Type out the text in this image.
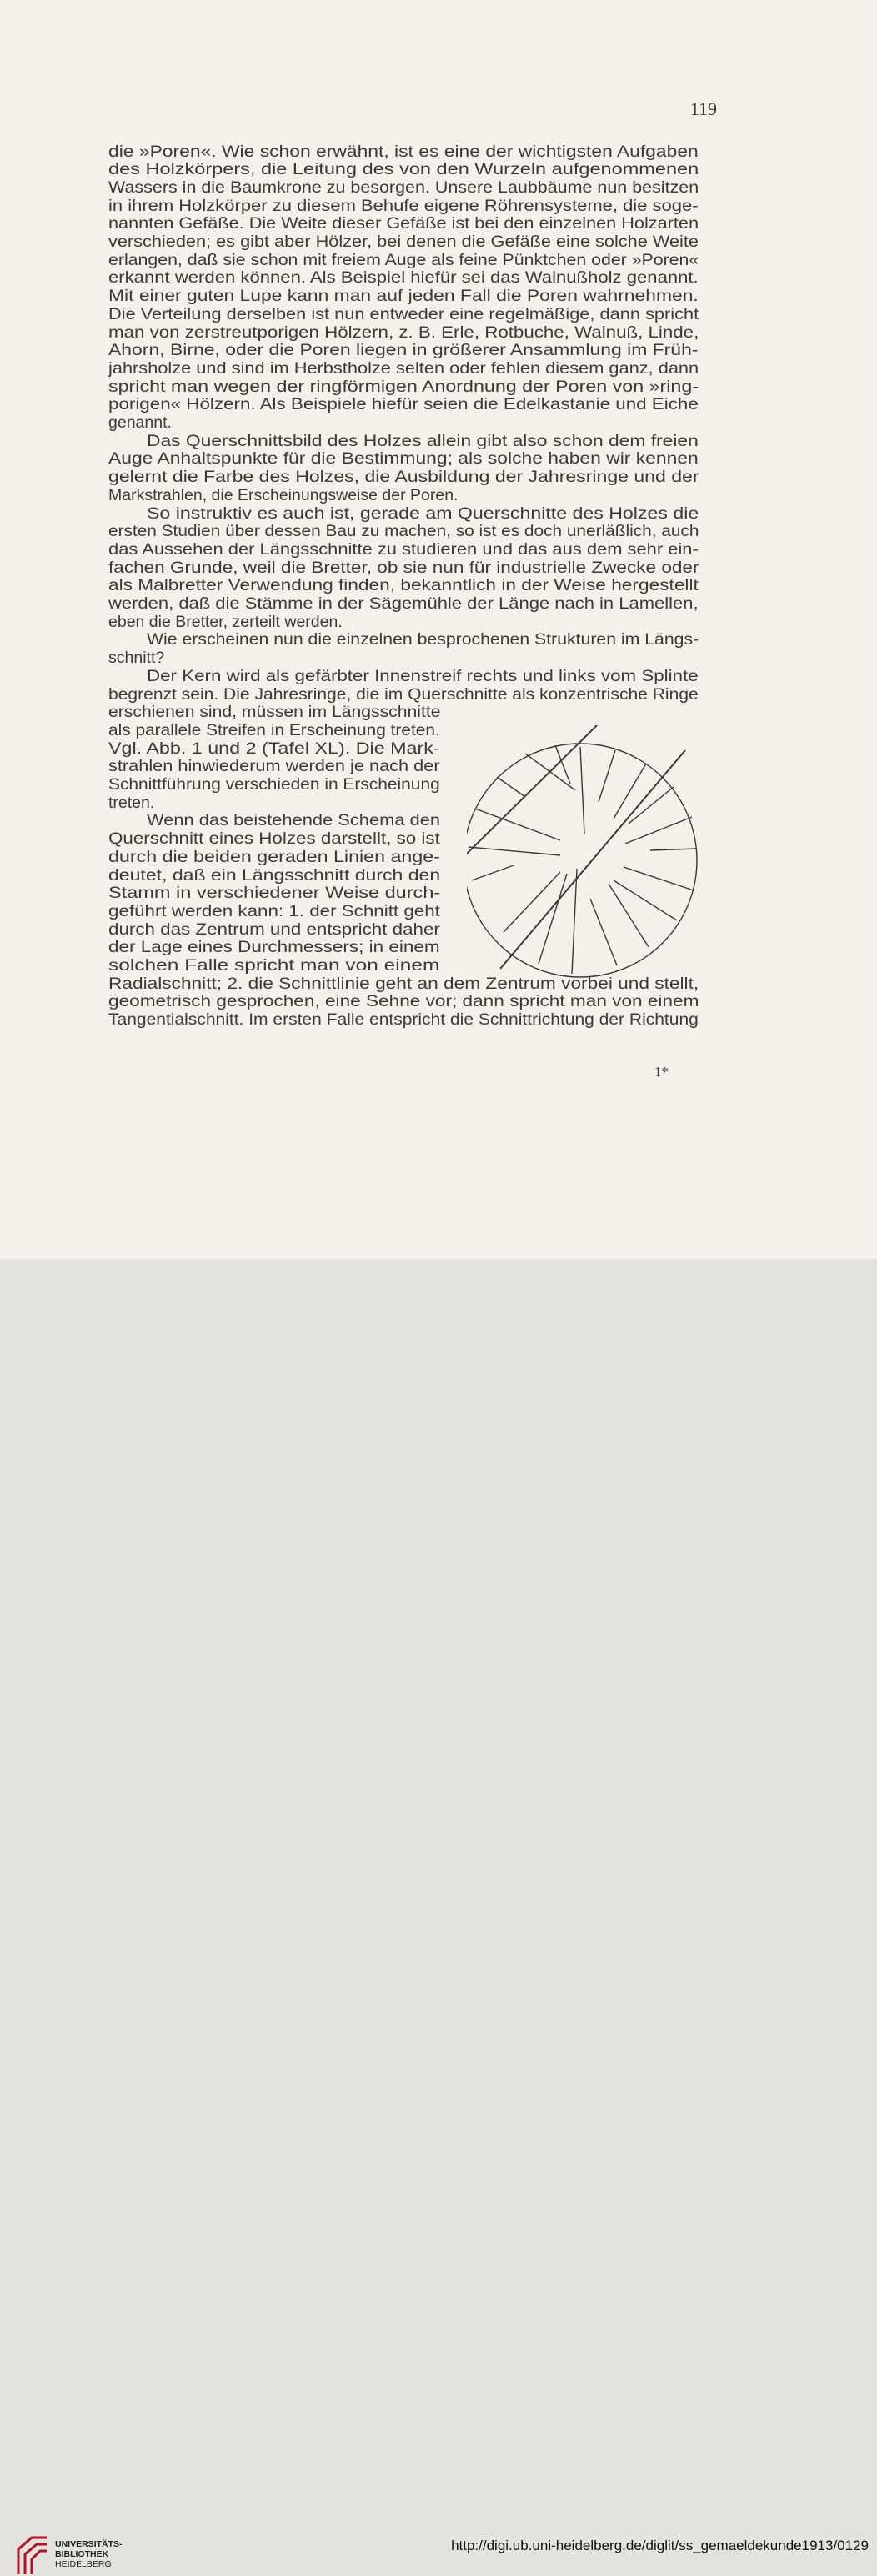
119
die »Poren«. Wie schon erwähnt, ist es eine der wichtigsten Aufgaben
des Holzkörpers, die Leitung des von den Wurzeln aufgenommenen
Wassers in die Baumkrone zu besorgen. Unsere Laubbäume nun besitzen
in ihrem Holzkörper zu diesem Behufe eigene Röhrensysteme, die soge-
nannten Gefäße. Die Weite dieser Gefäße ist bei den einzelnen Holzarten
verschieden; es gibt aber Hölzer, bei denen die Gefäße eine solche Weite
erlangen, daß sie schon mit freiem Auge als feine Pünktchen oder »Poren«
erkannt werden können. Als Beispiel hiefür sei das Walnußholz genannt.
Mit einer guten Lupe kann man auf jeden Fall die Poren wahrnehmen.
Die Verteilung derselben ist nun entweder eine regelmäßige, dann spricht
man von zerstreutporigen Hölzern, z. B. Erle, Rotbuche, Walnuß, Linde,
Ahorn, Birne, oder die Poren liegen in größerer Ansammlung im Früh-
jahrsholze und sind im Herbstholze selten oder fehlen diesem ganz, dann
spricht man wegen der ringförmigen Anordnung der Poren von »ring-
porigen« Hölzern. Als Beispiele hiefür seien die Edelkastanie und Eiche
genannt.
Das Querschnittsbild des Holzes allein gibt also schon dem freien
Auge Anhaltspunkte für die Bestimmung; als solche haben wir kennen
gelernt die Farbe des Holzes, die Ausbildung der Jahresringe und der
Markstrahlen, die Erscheinungsweise der Poren.
So instruktiv es auch ist, gerade am Querschnitte des Holzes die
ersten Studien über dessen Bau zu machen, so ist es doch unerläßlich, auch
das Aussehen der Längsschnitte zu studieren und das aus dem sehr ein-
fachen Grunde, weil die Bretter, ob sie nun für industrielle Zwecke oder
als Malbretter Verwendung finden, bekanntlich in der Weise hergestellt
werden, daß die Stämme in der Sägemühle der Länge nach in Lamellen,
eben die Bretter, zerteilt werden.
Wie erscheinen nun die einzelnen besprochenen Strukturen im Längs-
schnitt?
Der Kern wird als gefärbter Innenstreif rechts und links vom Splinte
begrenzt sein. Die Jahresringe, die im Querschnitte als konzentrische Ringe
erschienen sind, müssen im Längsschnitte
als parallele Streifen in Erscheinung treten.
Vgl. Abb. 1 und 2 (Tafel XL). Die Mark-
strahlen hinwiederum werden je nach der
Schnittführung verschieden in Erscheinung
treten.
Wenn das beistehende Schema den
Querschnitt eines Holzes darstellt, so ist
durch die beiden geraden Linien ange-
deutet, daß ein Längsschnitt durch den
Stamm in verschiedener Weise durch-
geführt werden kann: 1. der Schnitt geht
durch das Zentrum und entspricht daher
der Lage eines Durchmessers; in einem
solchen Falle spricht man von einem
Radialschnitt; 2. die Schnittlinie geht an dem Zentrum vorbei und stellt,
geometrisch gesprochen, eine Sehne vor; dann spricht man von einem
Tangentialschnitt. Im ersten Falle entspricht die Schnittrichtung der Richtung
1*
UNIVERSITÄTS-
BIBLIOTHEK
HEIDELBERG
http://digi.ub.uni-heidelberg.de/diglit/ss_gemaeldekunde1913/0129
